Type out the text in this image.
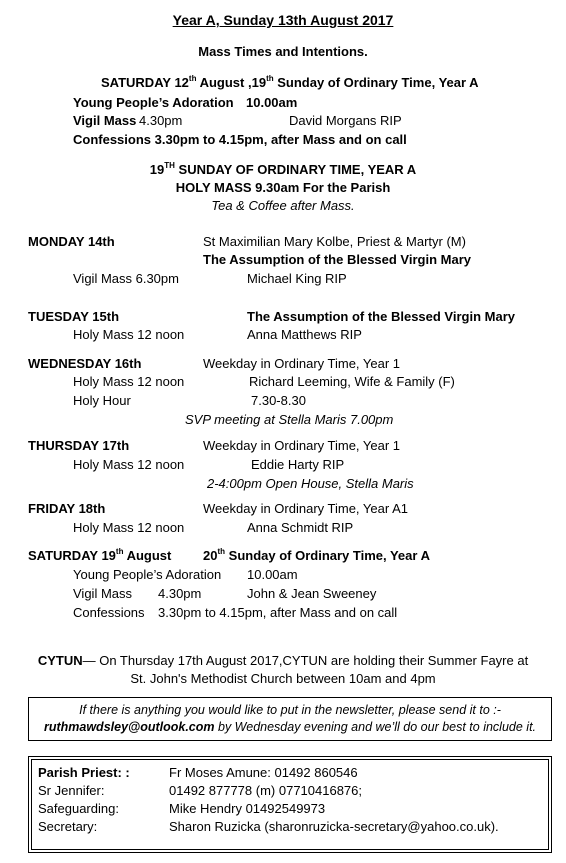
Year A, Sunday 13th August 2017
Mass Times and Intentions.
SATURDAY 12th August ,19th Sunday of Ordinary Time, Year A
Young People’s Adoration 10.00am
Vigil Mass 4.30pm	David Morgans RIP
Confessions 3.30pm to 4.15pm, after Mass and on call
19TH SUNDAY OF ORDINARY TIME, YEAR A
HOLY MASS 9.30am For the Parish
Tea & Coffee after Mass.
MONDAY 14th	St Maximilian Mary Kolbe, Priest & Martyr (M)
The Assumption of the Blessed Virgin Mary
Vigil Mass 6.30pm	Michael King RIP
TUESDAY 15th	The Assumption of the Blessed Virgin Mary
Holy Mass 12 noon	Anna Matthews RIP
WEDNESDAY 16th	Weekday in Ordinary Time, Year 1
Holy Mass 12 noon	Richard Leeming, Wife & Family (F)
Holy Hour	7.30-8.30
SVP meeting at Stella Maris 7.00pm
THURSDAY 17th	Weekday in Ordinary Time, Year 1
Holy Mass 12 noon	Eddie Harty RIP
2-4:00pm Open House, Stella Maris
FRIDAY 18th	Weekday in Ordinary Time, Year A1
Holy Mass 12 noon	Anna Schmidt RIP
SATURDAY 19th August 20th Sunday of Ordinary Time, Year A
Young People’s Adoration 10.00am
Vigil Mass 4.30pm	John & Jean Sweeney
Confessions 3.30pm to 4.15pm, after Mass and on call
CYTUN— On Thursday 17th August 2017,CYTUN are holding their Summer Fayre at
St. John's Methodist Church between 10am and 4pm
If there is anything you would like to put in the newsletter, please send it to :-
ruthmawdsley@outlook.com by Wednesday evening and we’ll do our best to include it.
Parish Priest: :	Fr Moses Amune: 01492 860546
Sr Jennifer:	01492 877778 (m) 07710416876;
Safeguarding:	Mike Hendry 01492549973
Secretary:	Sharon Ruzicka (sharonruzicka-secretary@yahoo.co.uk).
